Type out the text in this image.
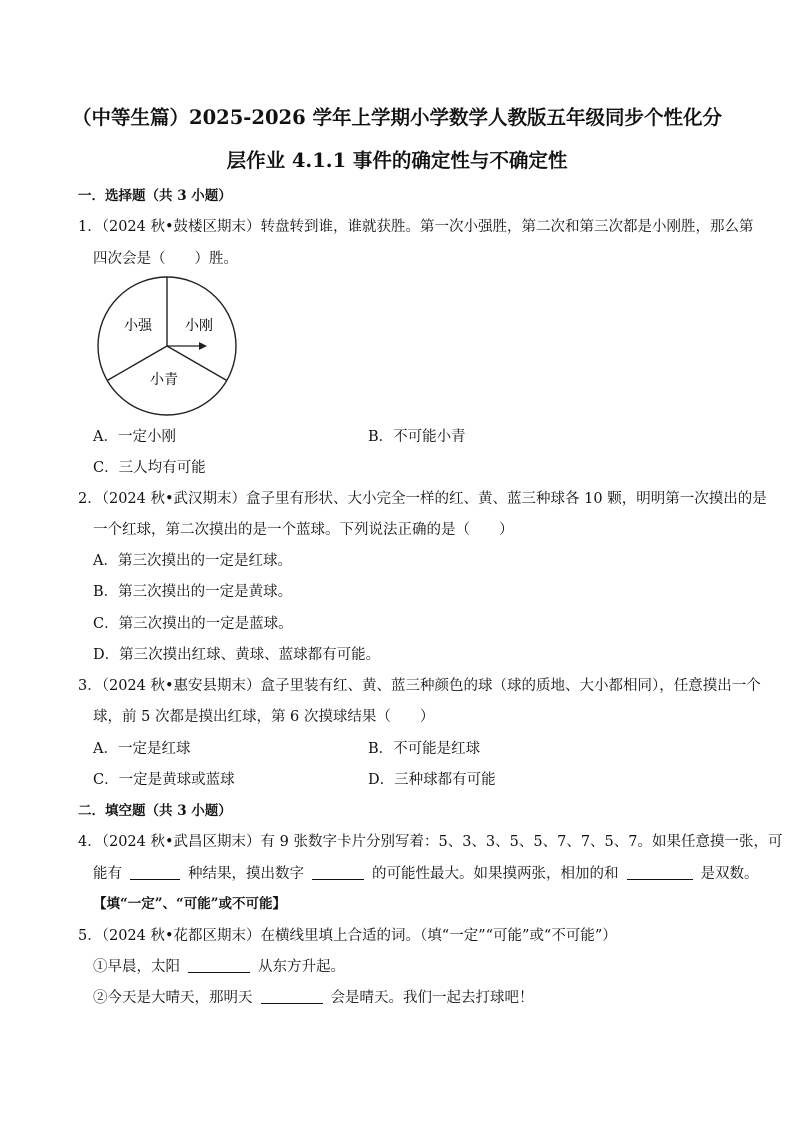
（中等生篇）2025-2026 学年上学期小学数学人教版五年级同步个性化分
层作业 4.1.1 事件的确定性与不确定性
一．选择题（共 3 小题）
1．（2024 秋•鼓楼区期末）转盘转到谁，谁就获胜。第一次小强胜，第二次和第三次都是小刚胜，那么第
四次会是（　　）胜。
小强 小刚
小青
A．一定小刚	B．不可能小青
C．三人均有可能
2．（2024 秋•武汉期末）盒子里有形状、大小完全一样的红、黄、蓝三种球各 10 颗，明明第一次摸出的是
一个红球，第二次摸出的是一个蓝球。下列说法正确的是（　　）
A．第三次摸出的一定是红球。
B．第三次摸出的一定是黄球。
C．第三次摸出的一定是蓝球。
D．第三次摸出红球、黄球、蓝球都有可能。
3．（2024 秋•惠安县期末）盒子里装有红、黄、蓝三种颜色的球（球的质地、大小都相同），任意摸出一个
球，前 5 次都是摸出红球，第 6 次摸球结果（　　）
A．一定是红球	B．不可能是红球
C．一定是黄球或蓝球	D．三种球都有可能
二．填空题（共 3 小题）
4．（2024 秋•武昌区期末）有 9 张数字卡片分别写着：5、3、3、5、5、7、7、5、7。如果任意摸一张，可
能有	种结果，摸出数字	的可能性最大。如果摸两张，相加的和	是双数。
【填“一定”、“可能”或不可能】
5．（2024 秋•花都区期末）在横线里填上合适的词。（填“一定”“可能”或“不可能”）
①早晨，太阳	从东方升起。
②今天是大晴天，那明天	会是晴天。我们一起去打球吧！
